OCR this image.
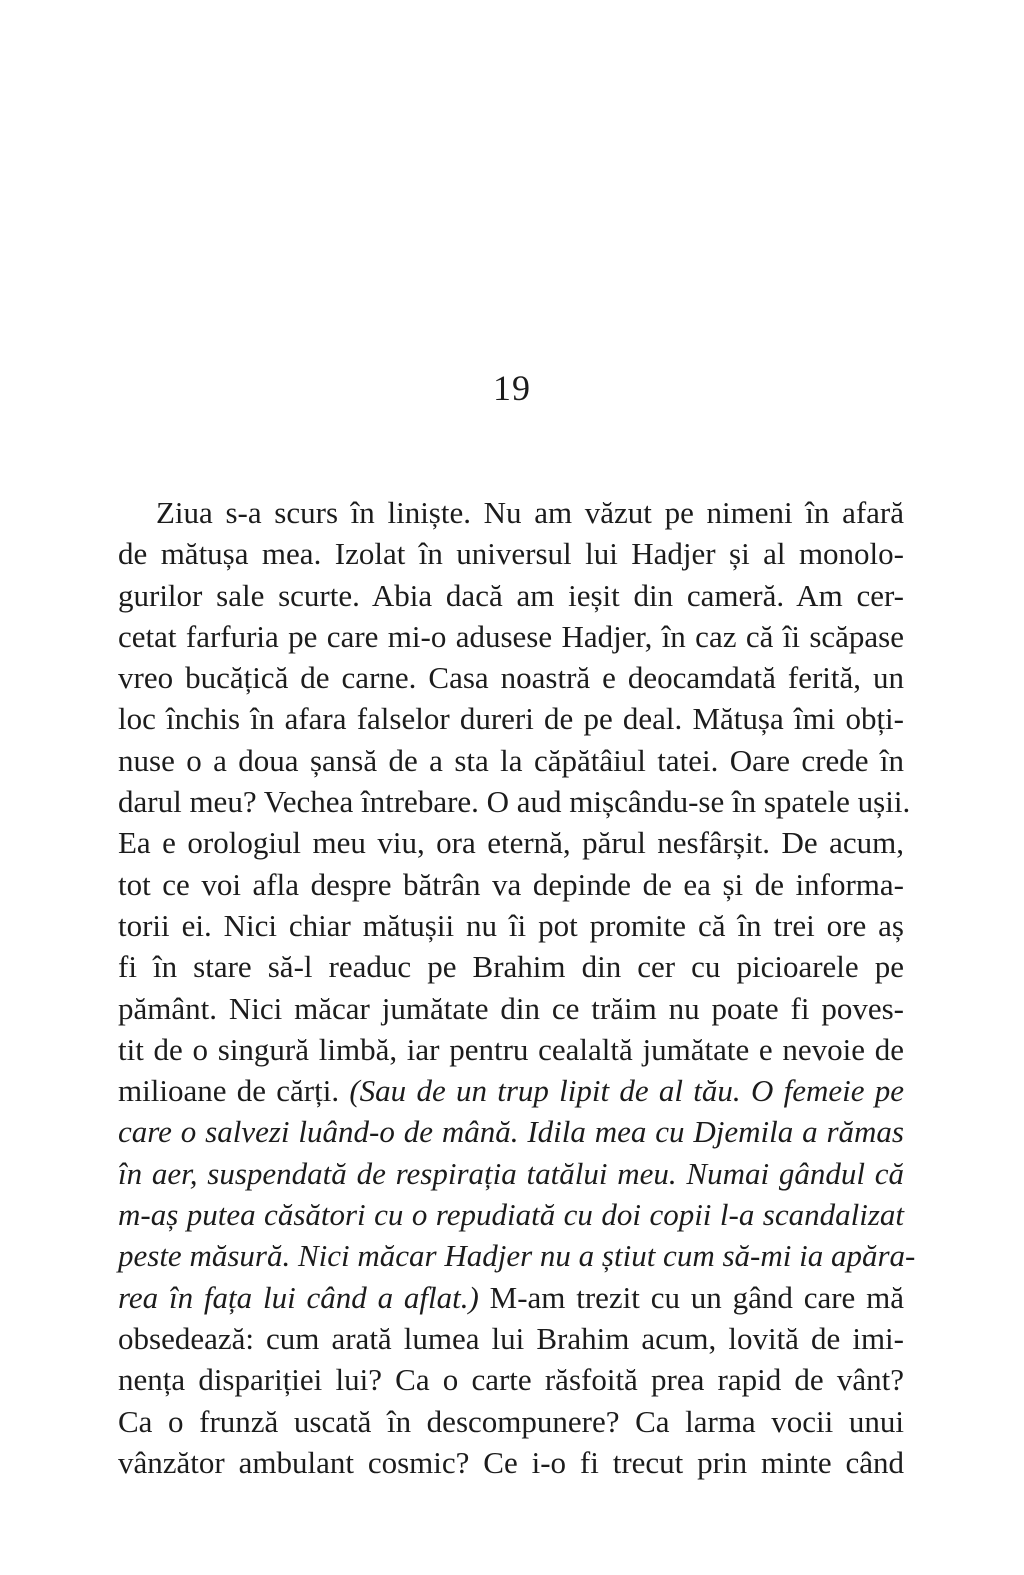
19
Ziua s-a scurs în liniște. Nu am văzut pe nimeni în afară
de mătușa mea. Izolat în universul lui Hadjer și al monolo-
gurilor sale scurte. Abia dacă am ieșit din cameră. Am cer-
cetat farfuria pe care mi-o adusese Hadjer, în caz că îi scăpase
vreo bucățică de carne. Casa noastră e deocamdată ferită, un
loc închis în afara falselor dureri de pe deal. Mătușa îmi obți-
nuse o a doua șansă de a sta la căpătâiul tatei. Oare crede în
darul meu? Vechea întrebare. O aud mișcându-se în spatele ușii.
Ea e orologiul meu viu, ora eternă, părul nesfârșit. De acum,
tot ce voi afla despre bătrân va depinde de ea și de informa-
torii ei. Nici chiar mătușii nu îi pot promite că în trei ore aș
fi în stare să-l readuc pe Brahim din cer cu picioarele pe
pământ. Nici măcar jumătate din ce trăim nu poate fi poves-
tit de o singură limbă, iar pentru cealaltă jumătate e nevoie de
milioane de cărți. (Sau de un trup lipit de al tău. O femeie pe
care o salvezi luând-o de mână. Idila mea cu Djemila a rămas
în aer, suspendată de respirația tatălui meu. Numai gândul că
m-aș putea căsători cu o repudiată cu doi copii l-a scandalizat
peste măsură. Nici măcar Hadjer nu a știut cum să-mi ia apăra-
rea în fața lui când a aflat.) M-am trezit cu un gând care mă
obsedează: cum arată lumea lui Brahim acum, lovită de imi-
nența dispariției lui? Ca o carte răsfoită prea rapid de vânt?
Ca o frunză uscată în descompunere? Ca larma vocii unui
vânzător ambulant cosmic? Ce i-o fi trecut prin minte când
